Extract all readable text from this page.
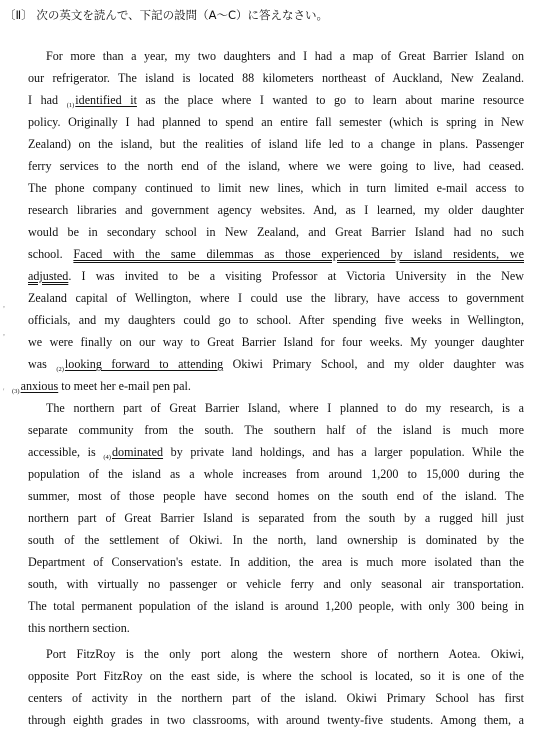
,
,
'
〔Ⅱ〕 次の英文を読んで、下記の設問（A～C）に答えなさい。
For more than a year, my two daughters and I had a map of Great Barrier Island on
our refrigerator. The island is located 88 kilometers northeast of Auckland, New Zealand.
I had $_{(1)}$identified it as the place where I wanted to go to learn about marine resource
policy. Originally I had planned to spend an entire fall semester (which is spring in New
Zealand) on the island, but the realities of island life led to a change in plans. Passenger
ferry services to the north end of the island, where we were going to live, had ceased.
The phone company continued to limit new lines, which in turn limited e-mail access to
research libraries and government agency websites. And, as I learned, my older daughter
would be in secondary school in New Zealand, and Great Barrier Island had no such
school. Faced with the same dilemmas as those experienced by island residents, we
adjusted. I was invited to be a visiting Professor at Victoria University in the New
Zealand capital of Wellington, where I could use the library, have access to government
officials, and my daughters could go to school. After spending five weeks in Wellington,
we were finally on our way to Great Barrier Island for four weeks. My younger daughter
was $_{(2)}$looking forward to attending Okiwi Primary School, and my older daughter was
$_{(3)}$anxious to meet her e-mail pen pal.
The northern part of Great Barrier Island, where I planned to do my research, is a
separate community from the south. The southern half of the island is much more
accessible, is $_{(4)}$dominated by private land holdings, and has a larger population. While the
population of the island as a whole increases from around 1,200 to 15,000 during the
summer, most of those people have second homes on the south end of the island. The
northern part of Great Barrier Island is separated from the south by a rugged hill just
south of the settlement of Okiwi. In the north, land ownership is dominated by the
Department of Conservation's estate. In addition, the area is much more isolated than the
south, with virtually no passenger or vehicle ferry and only seasonal air transportation.
The total permanent population of the island is around 1,200 people, with only 300 being in
this northern section.
Port FitzRoy is the only port along the western shore of northern Aotea. Okiwi,
opposite Port FitzRoy on the east side, is where the school is located, so it is one of the
centers of activity in the northern part of the island. Okiwi Primary School has first
through eighth grades in two classrooms, with around twenty-five students. Among them, a
